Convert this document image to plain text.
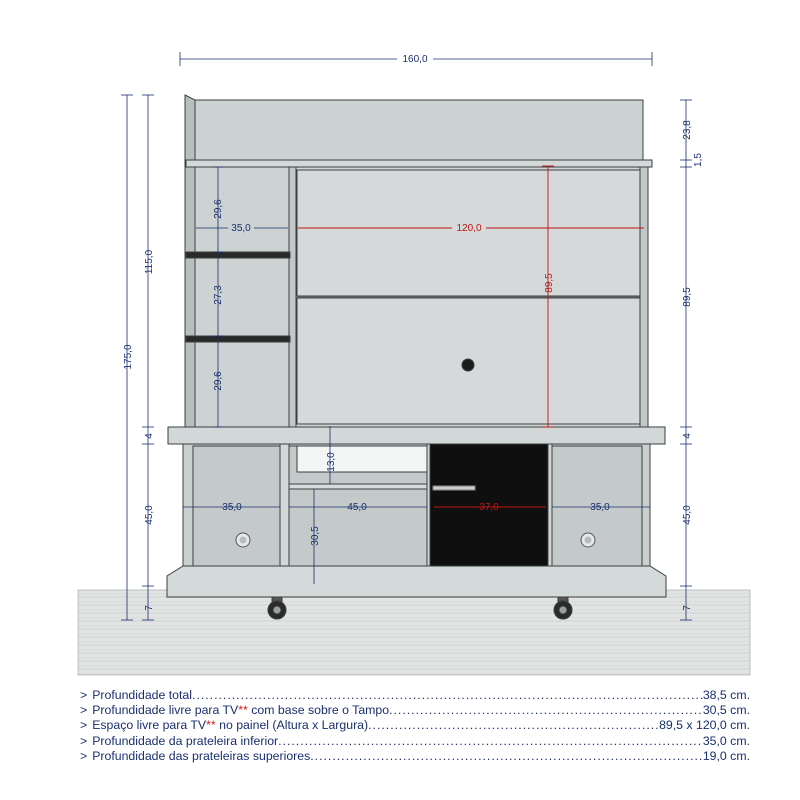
160,0
175,0
115,0
4
45,0
7
23,8
1,5
89,5
4
45,0
7
29,6
27,3
29,6
35,0	120,0
89,5
35,0	45,0	37,0	35,0
13,0
30,5
> Profundidade total .....	38,5 cm.
> Profundidade livre para TV** com base sobre o Tampo .....	30,5 cm.
> Espaço livre para TV** no painel (Altura x Largura) .....	89,5 x 120,0 cm.
> Profundidade da prateleira inferior .....	35,0 cm.
> Profundidade das prateleiras superiores .....	19,0 cm.
